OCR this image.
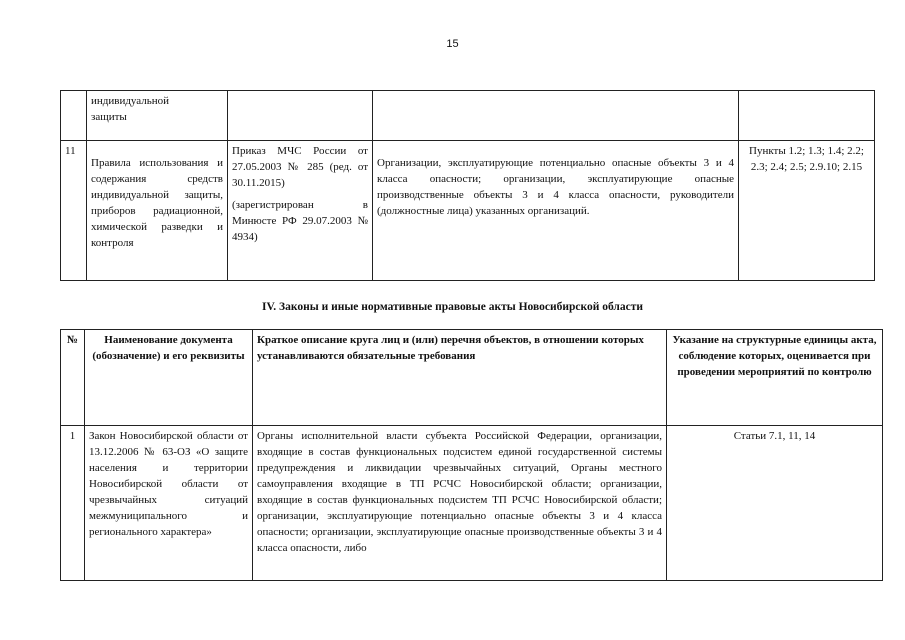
15
	индивидуальной
защиты			
11	Правила использования и содержания средств индивидуальной защиты, приборов радиационной, химической разведки и контроля	Приказ МЧС России от 27.05.2003 № 285 (ред. от 30.11.2015)
(зарегистрирован в Минюсте РФ 29.07.2003 № 4934)	Организации, эксплуатирующие потенциально опасные объекты 3 и 4 класса опасности; организации, эксплуатирующие опасные производственные объекты 3 и 4 класса опасности, руководители (должностные лица) указанных организаций.	Пункты 1.2; 1.3; 1.4; 2.2; 2.3; 2.4; 2.5; 2.9.10; 2.15
IV. Законы и иные нормативные правовые акты Новосибирской области
№	Наименование документа (обозначение) и его реквизиты	Краткое описание круга лиц и (или) перечня объектов, в отношении которых устанавливаются обязательные требования	Указание на структурные единицы акта, соблюдение которых, оценивается при проведении мероприятий по контролю
1	Закон Новосибирской области от 13.12.2006 № 63-ОЗ «О защите населения и территории Новосибирской области от чрезвычайных ситуаций межмуниципального и регионального характера»	Органы исполнительной власти субъекта Российской Федерации, организации, входящие в состав функциональных подсистем единой государственной системы предупреждения и ликвидации чрезвычайных ситуаций, Органы местного самоуправления входящие в ТП РСЧС Новосибирской области; организации, входящие в состав функциональных подсистем ТП РСЧС Новосибирской области; организации, эксплуатирующие потенциально опасные объекты 3 и 4 класса опасности; организации, эксплуатирующие опасные производственные объекты 3 и 4 класса опасности, либо	Статьи 7.1, 11, 14
